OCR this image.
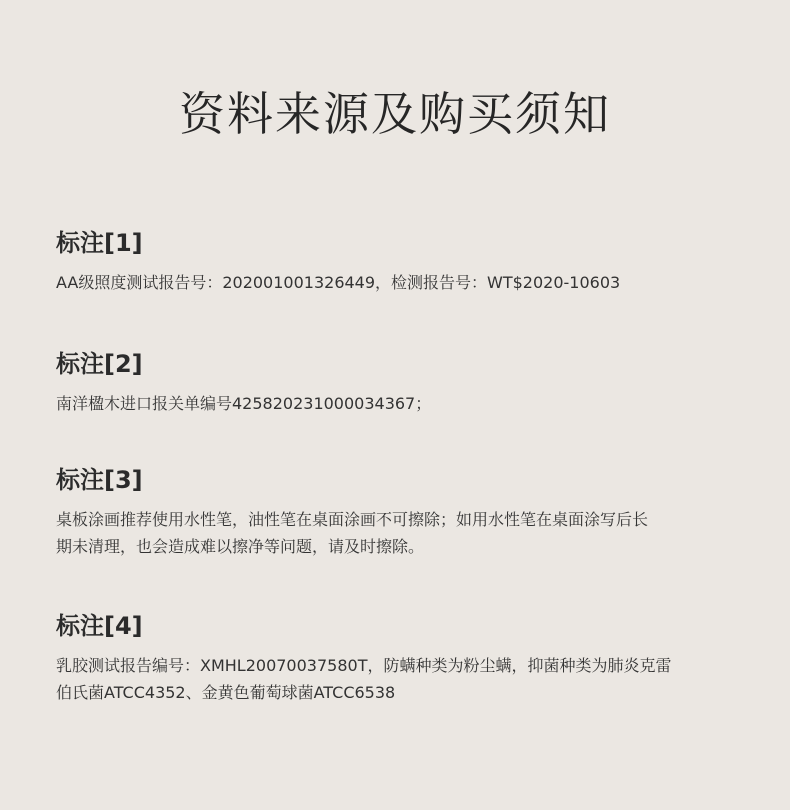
资料来源及购买须知
标注[1]

AA级照度测试报告号：202001001326449，检测报告号：WT$2020-10603

标注[2]

南洋楹木进口报关单编号425820231000034367；

标注[3]

桌板涂画推荐使用水性笔，油性笔在桌面涂画不可擦除；如用水性笔在桌面涂写后长
期未清理，也会造成难以擦净等问题，请及时擦除。

标注[4]

乳胶测试报告编号：XMHL20070037580T，防螨种类为粉尘螨，抑菌种类为肺炎克雷
伯氏菌ATCC4352、金黄色葡萄球菌ATCC6538
